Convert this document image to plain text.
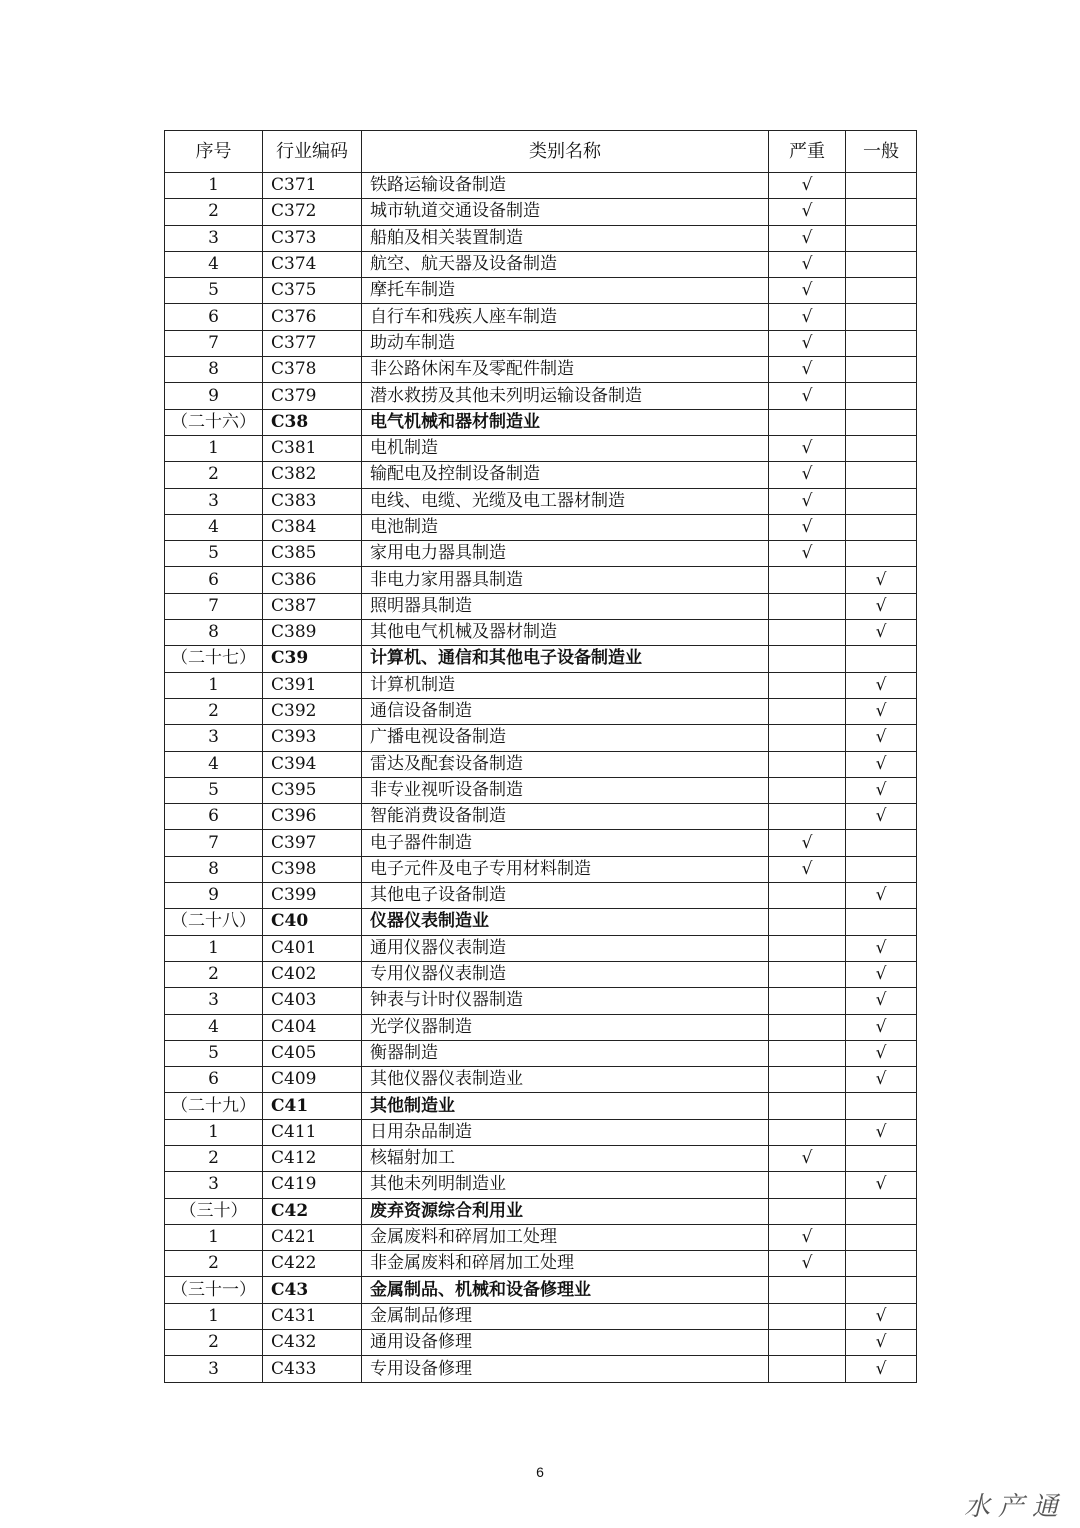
序号	行业编码	类别名称	严重	一般
1	C371	铁路运输设备制造	√	
2	C372	城市轨道交通设备制造	√	
3	C373	船舶及相关装置制造	√	
4	C374	航空、航天器及设备制造	√	
5	C375	摩托车制造	√	
6	C376	自行车和残疾人座车制造	√	
7	C377	助动车制造	√	
8	C378	非公路休闲车及零配件制造	√	
9	C379	潜水救捞及其他未列明运输设备制造	√	
（二十六）	C38	电气机械和器材制造业		
1	C381	电机制造	√	
2	C382	输配电及控制设备制造	√	
3	C383	电线、电缆、光缆及电工器材制造	√	
4	C384	电池制造	√	
5	C385	家用电力器具制造	√	
6	C386	非电力家用器具制造		√
7	C387	照明器具制造		√
8	C389	其他电气机械及器材制造		√
（二十七）	C39	计算机、通信和其他电子设备制造业		
1	C391	计算机制造		√
2	C392	通信设备制造		√
3	C393	广播电视设备制造		√
4	C394	雷达及配套设备制造		√
5	C395	非专业视听设备制造		√
6	C396	智能消费设备制造		√
7	C397	电子器件制造	√	
8	C398	电子元件及电子专用材料制造	√	
9	C399	其他电子设备制造		√
（二十八）	C40	仪器仪表制造业		
1	C401	通用仪器仪表制造		√
2	C402	专用仪器仪表制造		√
3	C403	钟表与计时仪器制造		√
4	C404	光学仪器制造		√
5	C405	衡器制造		√
6	C409	其他仪器仪表制造业		√
（二十九）	C41	其他制造业		
1	C411	日用杂品制造		√
2	C412	核辐射加工	√	
3	C419	其他未列明制造业		√
（三十）	C42	废弃资源综合利用业		
1	C421	金属废料和碎屑加工处理	√	
2	C422	非金属废料和碎屑加工处理	√	
（三十一）	C43	金属制品、机械和设备修理业		
1	C431	金属制品修理		√
2	C432	通用设备修理		√
3	C433	专用设备修理		√
6
水产通
